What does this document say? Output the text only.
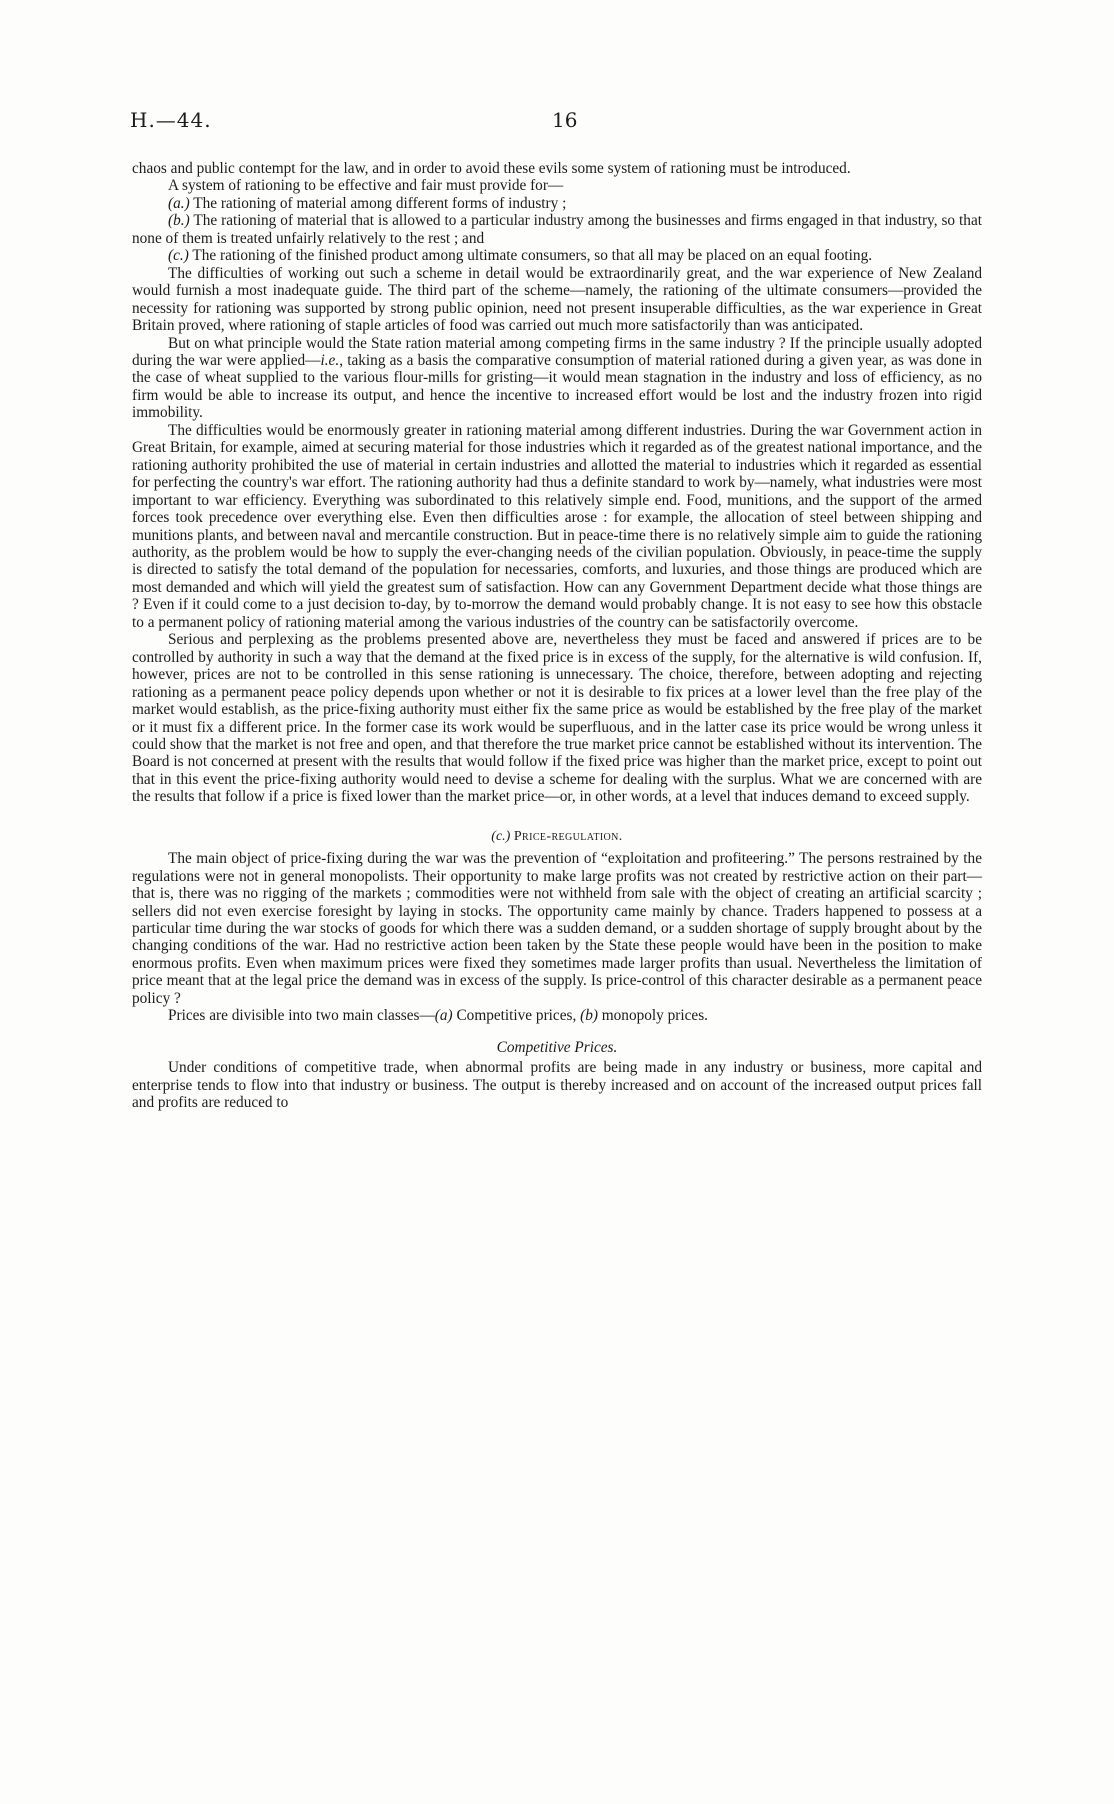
H.—44.	16

chaos and public contempt for the law, and in order to avoid these evils some system of rationing must be introduced.

A system of rationing to be effective and fair must provide for—

(a.) The rationing of material among different forms of industry ;

(b.) The rationing of material that is allowed to a particular industry among the businesses and firms engaged in that industry, so that none of them is treated unfairly relatively to the rest ; and

(c.) The rationing of the finished product among ultimate consumers, so that all may be placed on an equal footing.

The difficulties of working out such a scheme in detail would be extraordinarily great, and the war experience of New Zealand would furnish a most inadequate guide. The third part of the scheme—namely, the rationing of the ultimate consumers—provided the necessity for rationing was supported by strong public opinion, need not present insuperable difficulties, as the war experience in Great Britain proved, where rationing of staple articles of food was carried out much more satisfactorily than was anticipated.

But on what principle would the State ration material among competing firms in the same industry ? If the principle usually adopted during the war were applied—i.e., taking as a basis the comparative consumption of material rationed during a given year, as was done in the case of wheat supplied to the various flour-mills for gristing—it would mean stagnation in the industry and loss of efficiency, as no firm would be able to increase its output, and hence the incentive to increased effort would be lost and the industry frozen into rigid immobility.

The difficulties would be enormously greater in rationing material among different industries. During the war Government action in Great Britain, for example, aimed at securing material for those industries which it regarded as of the greatest national importance, and the rationing authority prohibited the use of material in certain industries and allotted the material to industries which it regarded as essential for perfecting the country's war effort. The rationing authority had thus a definite standard to work by—namely, what industries were most important to war efficiency. Everything was subordinated to this relatively simple end. Food, munitions, and the support of the armed forces took precedence over everything else. Even then difficulties arose : for example, the allocation of steel between shipping and munitions plants, and between naval and mercantile construction. But in peace-time there is no relatively simple aim to guide the rationing authority, as the problem would be how to supply the ever-changing needs of the civilian population. Obviously, in peace-time the supply is directed to satisfy the total demand of the population for necessaries, comforts, and luxuries, and those things are produced which are most demanded and which will yield the greatest sum of satisfaction. How can any Government Department decide what those things are ? Even if it could come to a just decision to-day, by to-morrow the demand would probably change. It is not easy to see how this obstacle to a permanent policy of rationing material among the various industries of the country can be satisfactorily overcome.

Serious and perplexing as the problems presented above are, nevertheless they must be faced and answered if prices are to be controlled by authority in such a way that the demand at the fixed price is in excess of the supply, for the alternative is wild confusion. If, however, prices are not to be controlled in this sense rationing is unnecessary. The choice, therefore, between adopting and rejecting rationing as a permanent peace policy depends upon whether or not it is desirable to fix prices at a lower level than the free play of the market would establish, as the price-fixing authority must either fix the same price as would be established by the free play of the market or it must fix a different price. In the former case its work would be superfluous, and in the latter case its price would be wrong unless it could show that the market is not free and open, and that therefore the true market price cannot be established without its intervention. The Board is not concerned at present with the results that would follow if the fixed price was higher than the market price, except to point out that in this event the price-fixing authority would need to devise a scheme for dealing with the surplus. What we are concerned with are the results that follow if a price is fixed lower than the market price—or, in other words, at a level that induces demand to exceed supply.

(c.) Price-regulation.

The main object of price-fixing during the war was the prevention of “exploitation and profiteering.” The persons restrained by the regulations were not in general monopolists. Their opportunity to make large profits was not created by restrictive action on their part—that is, there was no rigging of the markets ; commodities were not withheld from sale with the object of creating an artificial scarcity ; sellers did not even exercise foresight by laying in stocks. The opportunity came mainly by chance. Traders happened to possess at a particular time during the war stocks of goods for which there was a sudden demand, or a sudden shortage of supply brought about by the changing conditions of the war. Had no restrictive action been taken by the State these people would have been in the position to make enormous profits. Even when maximum prices were fixed they sometimes made larger profits than usual. Nevertheless the limitation of price meant that at the legal price the demand was in excess of the supply. Is price-control of this character desirable as a permanent peace policy ?

Prices are divisible into two main classes—(a) Competitive prices, (b) monopoly prices.

Competitive Prices.

Under conditions of competitive trade, when abnormal profits are being made in any industry or business, more capital and enterprise tends to flow into that industry or business. The output is thereby increased and on account of the increased output prices fall and profits are reduced to
